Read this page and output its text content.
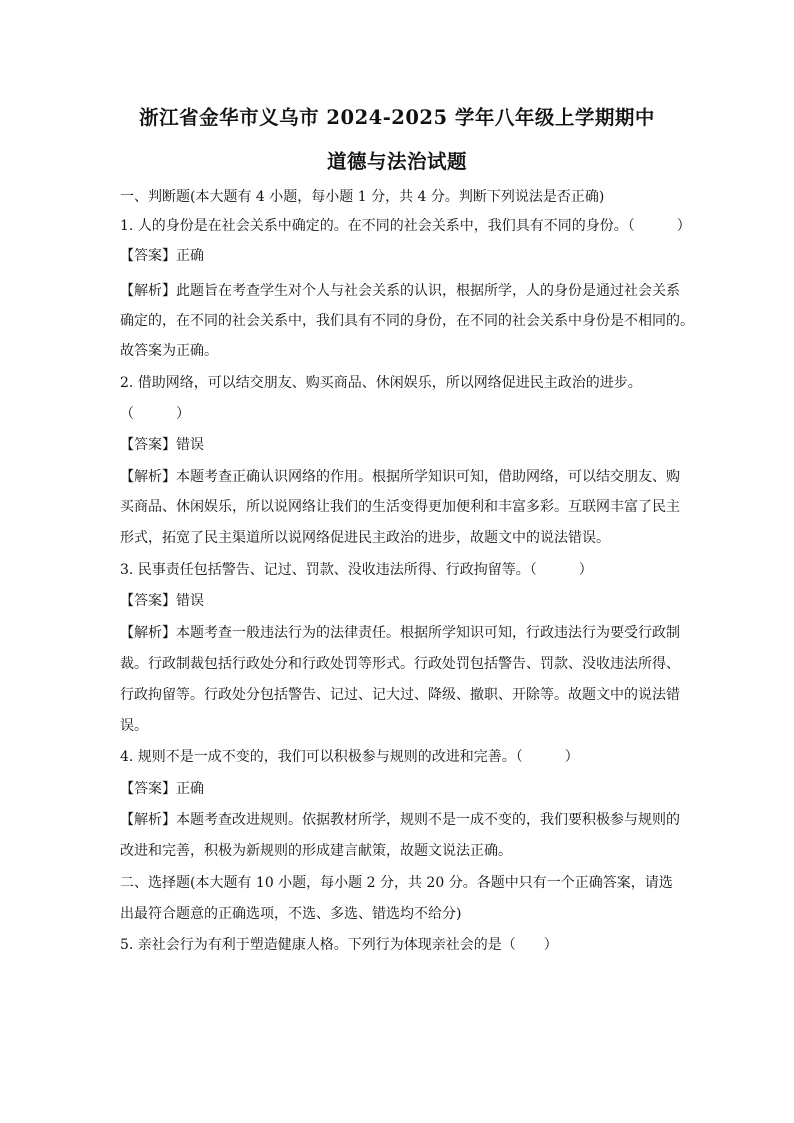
浙江省金华市义乌市 2024-2025 学年八年级上学期期中
道德与法治试题
一、判断题(本大题有 4 小题，每小题 1 分，共 4 分。判断下列说法是否正确)
1. 人的身份是在社会关系中确定的。在不同的社会关系中，我们具有不同的身份。（　　　）
【答案】正确
【解析】此题旨在考查学生对个人与社会关系的认识，根据所学，人的身份是通过社会关系
确定的，在不同的社会关系中，我们具有不同的身份，在不同的社会关系中身份是不相同的。
故答案为正确。
2. 借助网络，可以结交朋友、购买商品、休闲娱乐，所以网络促进民主政治的进步。
（　　　）
【答案】错误
【解析】本题考查正确认识网络的作用。根据所学知识可知，借助网络，可以结交朋友、购
买商品、休闲娱乐，所以说网络让我们的生活变得更加便利和丰富多彩。互联网丰富了民主
形式，拓宽了民主渠道所以说网络促进民主政治的进步，故题文中的说法错误。
3. 民事责任包括警告、记过、罚款、没收违法所得、行政拘留等。（　　　）
【答案】错误
【解析】本题考查一般违法行为的法律责任。根据所学知识可知，行政违法行为要受行政制
裁。行政制裁包括行政处分和行政处罚等形式。行政处罚包括警告、罚款、没收违法所得、
行政拘留等。行政处分包括警告、记过、记大过、降级、撤职、开除等。故题文中的说法错
误。
4. 规则不是一成不变的，我们可以积极参与规则的改进和完善。（　　　）
【答案】正确
【解析】本题考查改进规则。依据教材所学，规则不是一成不变的，我们要积极参与规则的
改进和完善，积极为新规则的形成建言献策，故题文说法正确。
二、选择题(本大题有 10 小题，每小题 2 分，共 20 分。各题中只有一个正确答案，请选
出最符合题意的正确选项，不选、多选、错选均不给分)
5. 亲社会行为有利于塑造健康人格。下列行为体现亲社会的是（　　）
